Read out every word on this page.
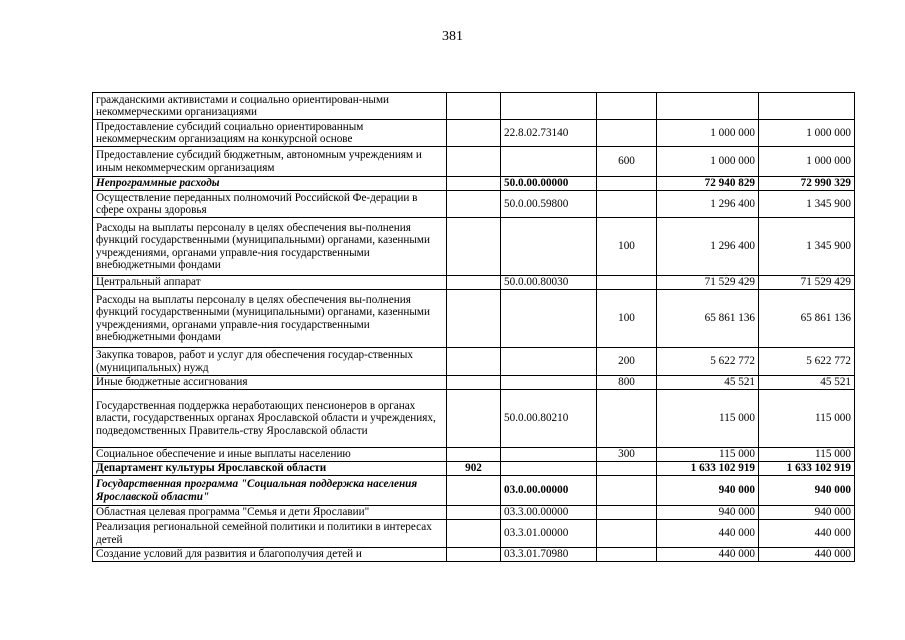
381
гражданскими активистами и социально ориентирован-ными некоммерческими организациями					
Предоставление субсидий социально ориентированным некоммерческим организациям на конкурсной основе		22.8.02.73140		1 000 000	1 000 000
Предоставление субсидий бюджетным, автономным учреждениям и иным некоммерческим организациям			600	1 000 000	1 000 000
Непрограммные расходы		50.0.00.00000		72 940 829	72 990 329
Осуществление переданных полномочий Российской Фе-дерации в сфере охраны здоровья		50.0.00.59800		1 296 400	1 345 900
Расходы на выплаты персоналу в целях обеспечения вы-полнения функций государственными (муниципальными) органами, казенными учреждениями, органами управле-ния государственными внебюджетными фондами			100	1 296 400	1 345 900
Центральный аппарат		50.0.00.80030		71 529 429	71 529 429
Расходы на выплаты персоналу в целях обеспечения вы-полнения функций государственными (муниципальными) органами, казенными учреждениями, органами управле-ния государственными внебюджетными фондами			100	65 861 136	65 861 136
Закупка товаров, работ и услуг для обеспечения государ-ственных (муниципальных) нужд			200	5 622 772	5 622 772
Иные бюджетные ассигнования			800	45 521	45 521
Государственная поддержка неработающих пенсионеров в органах власти, государственных органах Ярославской области и учреждениях, подведомственных Правитель-ству Ярославской области		50.0.00.80210		115 000	115 000
Социальное обеспечение и иные выплаты населению			300	115 000	115 000
Департамент культуры Ярославской области	902			1 633 102 919	1 633 102 919
Государственная программа "Социальная поддержка населения Ярославской области"		03.0.00.00000		940 000	940 000
Областная целевая программа "Семья и дети Ярославии"		03.3.00.00000		940 000	940 000
Реализация региональной семейной политики и политики в интересах детей		03.3.01.00000		440 000	440 000
Создание условий для развития и благополучия детей и		03.3.01.70980		440 000	440 000
